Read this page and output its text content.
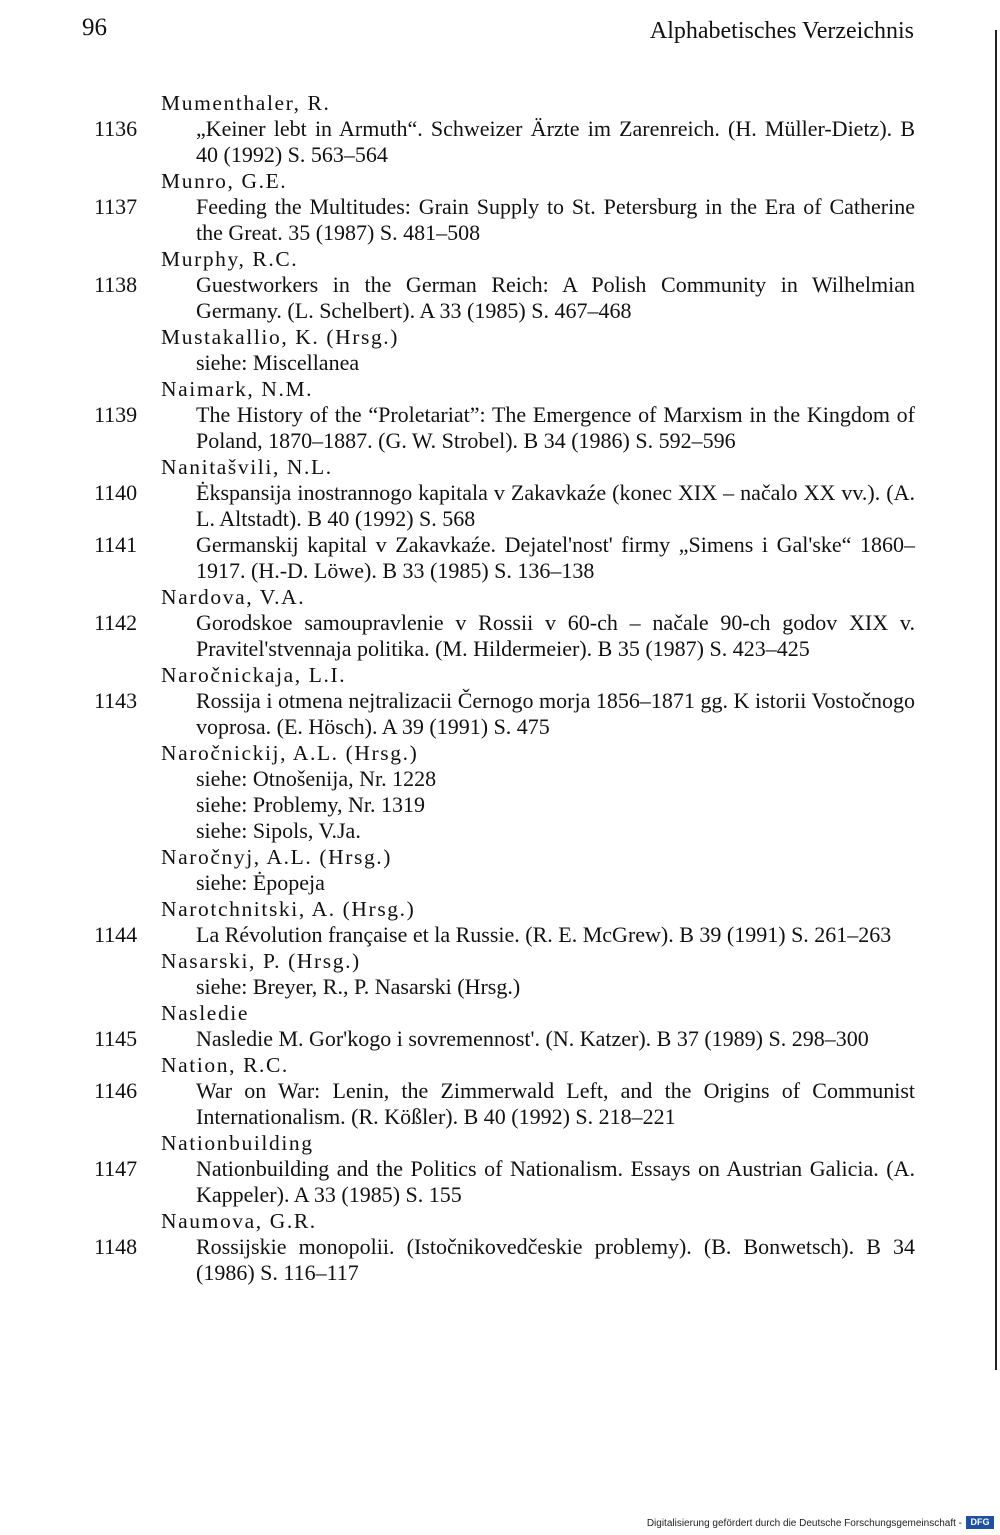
96	Alphabetisches Verzeichnis
Mumenthaler, R.
1136	„Keiner lebt in Armuth“. Schweizer Ärzte im Zarenreich. (H. Müller-Dietz). B 40 (1992) S. 563–564
Munro, G.E.
1137	Feeding the Multitudes: Grain Supply to St. Petersburg in the Era of Catherine the Great. 35 (1987) S. 481–508
Murphy, R.C.
1138	Guestworkers in the German Reich: A Polish Community in Wilhelmian Germany. (L. Schelbert). A 33 (1985) S. 467–468
Mustakallio, K. (Hrsg.)
siehe: Miscellanea
Naimark, N.M.
1139	The History of the “Proletariat”: The Emergence of Marxism in the Kingdom of Poland, 1870–1887. (G. W. Strobel). B 34 (1986) S. 592–596
Nanitašvili, N.L.
1140	Ėkspansija inostrannogo kapitala v Zakavkaźe (konec XIX – načalo XX vv.). (A. L. Altstadt). B 40 (1992) S. 568
1141	Germanskij kapital v Zakavkaźe. Dejatel'nost' firmy „Simens i Gal'ske“ 1860–1917. (H.-D. Löwe). B 33 (1985) S. 136–138
Nardova, V.A.
1142	Gorodskoe samoupravlenie v Rossii v 60-ch – načale 90-ch godov XIX v. Pravitel'stvennaja politika. (M. Hildermeier). B 35 (1987) S. 423–425
Naročnickaja, L.I.
1143	Rossija i otmena nejtralizacii Černogo morja 1856–1871 gg. K istorii Vostočnogo voprosa. (E. Hösch). A 39 (1991) S. 475
Naročnickij, A.L. (Hrsg.)
siehe: Otnošenija, Nr. 1228
siehe: Problemy, Nr. 1319
siehe: Sipols, V.Ja.
Naročnyj, A.L. (Hrsg.)
siehe: Ėpopeja
Narotchnitski, A. (Hrsg.)
1144	La Révolution française et la Russie. (R. E. McGrew). B 39 (1991) S. 261–263
Nasarski, P. (Hrsg.)
siehe: Breyer, R., P. Nasarski (Hrsg.)
Nasledie
1145	Nasledie M. Gor'kogo i sovremennost'. (N. Katzer). B 37 (1989) S. 298–300
Nation, R.C.
1146	War on War: Lenin, the Zimmerwald Left, and the Origins of Communist Internationalism. (R. Kößler). B 40 (1992) S. 218–221
Nationbuilding
1147	Nationbuilding and the Politics of Nationalism. Essays on Austrian Galicia. (A. Kappeler). A 33 (1985) S. 155
Naumova, G.R.
1148	Rossijskie monopolii. (Istočnikovedčeskie problemy). (B. Bonwetsch). B 34 (1986) S. 116–117
Digitalisierung gefördert durch die Deutsche Forschungsgemeinschaft - DFG
